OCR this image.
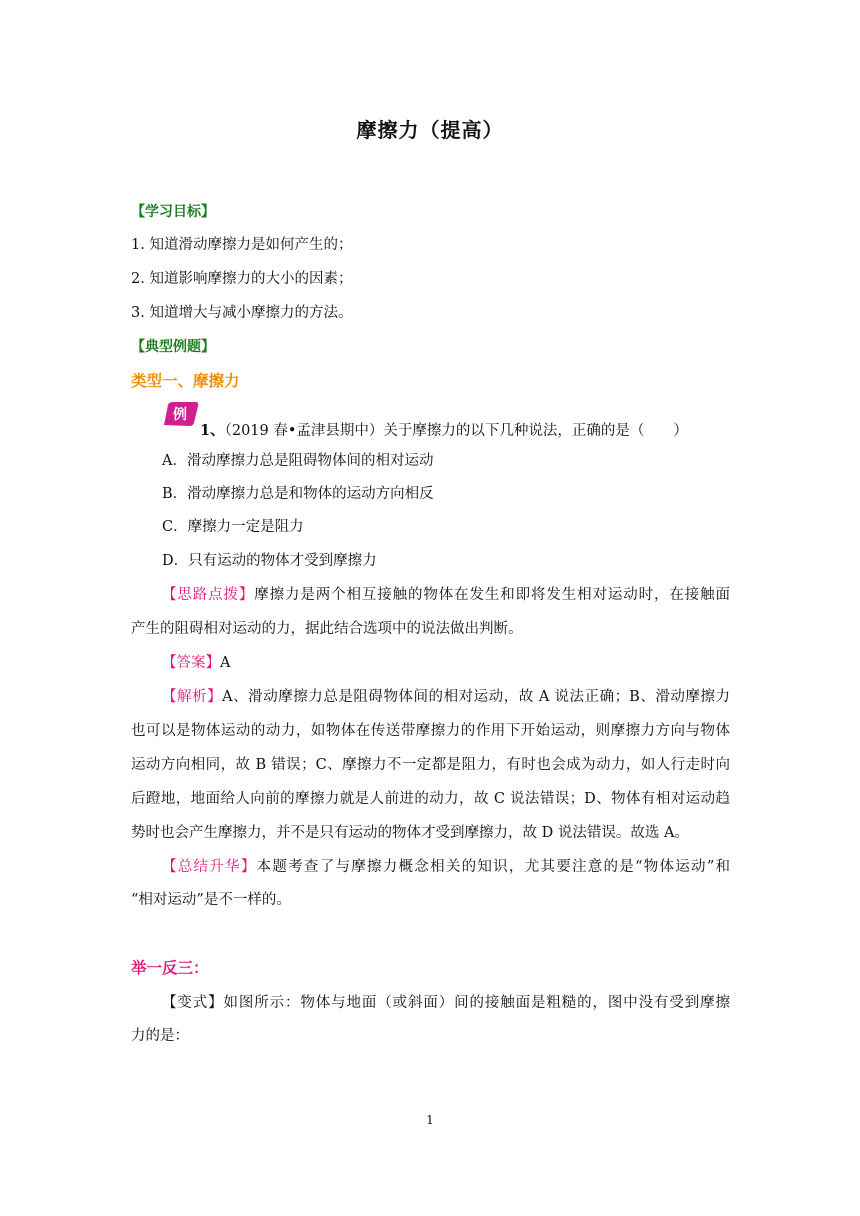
摩擦力（提高）
【学习目标】
1. 知道滑动摩擦力是如何产生的；
2. 知道影响摩擦力的大小的因素；
3. 知道增大与减小摩擦力的方法。
【典型例题】
类型一、摩擦力
例
1、（2019 春•孟津县期中）关于摩擦力的以下几种说法，正确的是（　　）
A．滑动摩擦力总是阻碍物体间的相对运动
B．滑动摩擦力总是和物体的运动方向相反
C．摩擦力一定是阻力
D．只有运动的物体才受到摩擦力
【思路点拨】摩擦力是两个相互接触的物体在发生和即将发生相对运动时，在接触面
产生的阻碍相对运动的力，据此结合选项中的说法做出判断。
【答案】A
【解析】A、滑动摩擦力总是阻碍物体间的相对运动，故 A 说法正确；B、滑动摩擦力
也可以是物体运动的动力，如物体在传送带摩擦力的作用下开始运动，则摩擦力方向与物体
运动方向相同，故 B 错误；C、摩擦力不一定都是阻力，有时也会成为动力，如人行走时向
后蹬地，地面给人向前的摩擦力就是人前进的动力，故 C 说法错误；D、物体有相对运动趋
势时也会产生摩擦力，并不是只有运动的物体才受到摩擦力，故 D 说法错误。故选 A。
【总结升华】本题考查了与摩擦力概念相关的知识，尤其要注意的是“物体运动”和
“相对运动”是不一样的。
举一反三：
【变式】如图所示：物体与地面（或斜面）间的接触面是粗糙的，图中没有受到摩擦
力的是：
1
